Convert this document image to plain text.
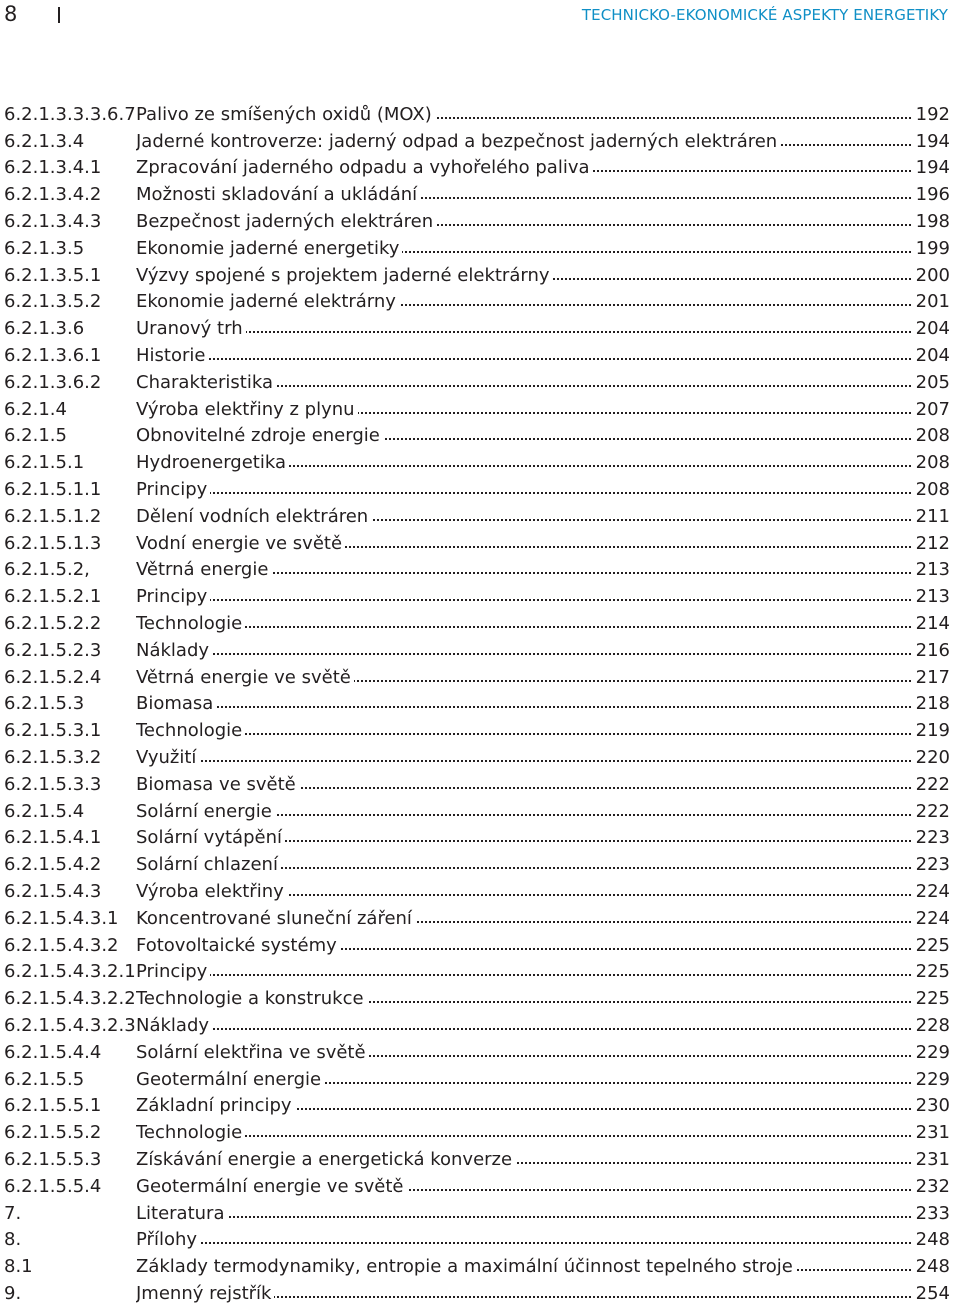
8	TECHNICKO-EKONOMICKÉ ASPEKTY ENERGETIKY
6.2.1.3.3.3.6.7 Palivo ze smíšených oxidů (MOX)	192
6.2.1.3.4	Jaderné kontroverze: jaderný odpad a bezpečnost jaderných elektráren	194
6.2.1.3.4.1	Zpracování jaderného odpadu a vyhořelého paliva	194
6.2.1.3.4.2	Možnosti skladování a ukládání	196
6.2.1.3.4.3	Bezpečnost jaderných elektráren	198
6.2.1.3.5	Ekonomie jaderné energetiky	199
6.2.1.3.5.1	Výzvy spojené s projektem jaderné elektrárny	200
6.2.1.3.5.2	Ekonomie jaderné elektrárny	201
6.2.1.3.6	Uranový trh	204
6.2.1.3.6.1	Historie	204
6.2.1.3.6.2	Charakteristika	205
6.2.1.4	Výroba elektřiny z plynu	207
6.2.1.5	Obnovitelné zdroje energie	208
6.2.1.5.1	Hydroenergetika	208
6.2.1.5.1.1	Principy	208
6.2.1.5.1.2	Dělení vodních elektráren	211
6.2.1.5.1.3	Vodní energie ve světě	212
6.2.1.5.2,	Větrná energie	213
6.2.1.5.2.1	Principy	213
6.2.1.5.2.2	Technologie	214
6.2.1.5.2.3	Náklady	216
6.2.1.5.2.4	Větrná energie ve světě	217
6.2.1.5.3	Biomasa	218
6.2.1.5.3.1	Technologie	219
6.2.1.5.3.2	Využití	220
6.2.1.5.3.3	Biomasa ve světě	222
6.2.1.5.4	Solární energie	222
6.2.1.5.4.1	Solární vytápění	223
6.2.1.5.4.2	Solární chlazení	223
6.2.1.5.4.3	Výroba elektřiny	224
6.2.1.5.4.3.1 Koncentrované sluneční záření	224
6.2.1.5.4.3.2 Fotovoltaické systémy	225
6.2.1.5.4.3.2.1 Principy	225
6.2.1.5.4.3.2.2 Technologie a konstrukce	225
6.2.1.5.4.3.2.3 Náklady	228
6.2.1.5.4.4	Solární elektřina ve světě	229
6.2.1.5.5	Geotermální energie	229
6.2.1.5.5.1	Základní principy	230
6.2.1.5.5.2	Technologie	231
6.2.1.5.5.3	Získávání energie a energetická konverze	231
6.2.1.5.5.4	Geotermální energie ve světě	232
7.	Literatura	233
8.	Přílohy	248
8.1	Základy termodynamiky, entropie a maximální účinnost tepelného stroje	248
9.	Jmenný rejstřík	254
